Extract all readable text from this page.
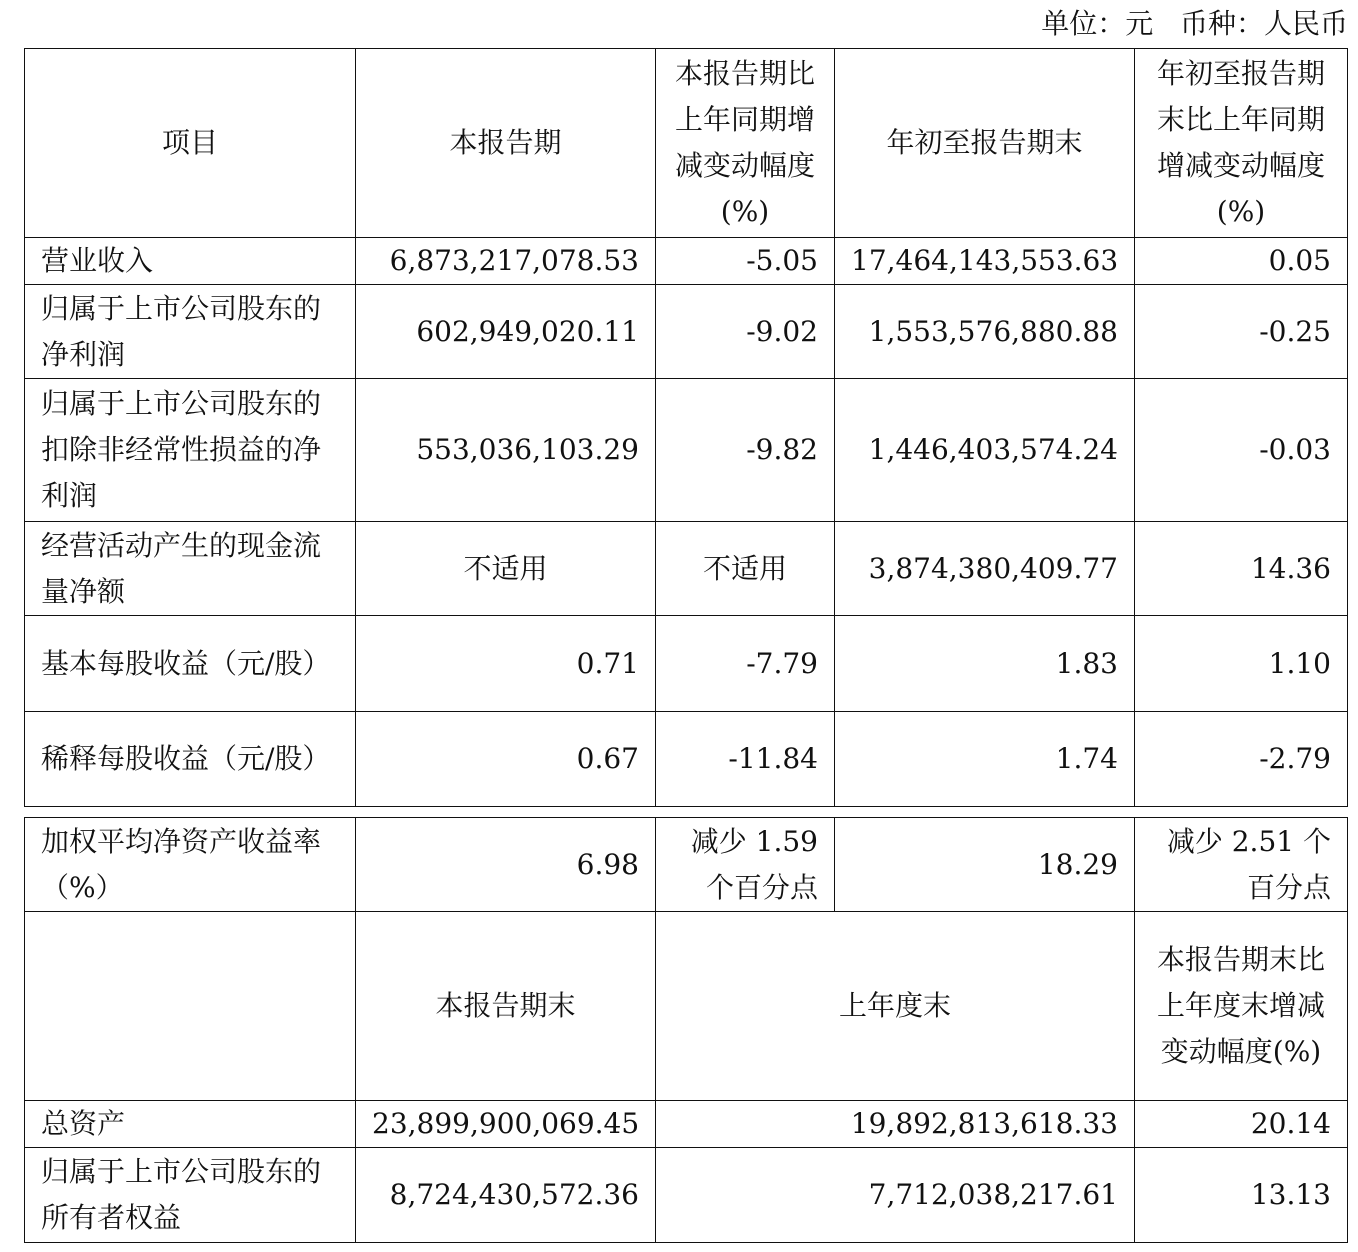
单位：元   币种：人民币
项目	本报告期	本报告期比上年同期增减变动幅度(%)	年初至报告期末	年初至报告期末比上年同期增减变动幅度(%)
营业收入	6,873,217,078.53	-5.05	17,464,143,553.63	0.05
归属于上市公司股东的净利润	602,949,020.11	-9.02	1,553,576,880.88	-0.25
归属于上市公司股东的扣除非经常性损益的净利润	553,036,103.29	-9.82	1,446,403,574.24	-0.03
经营活动产生的现金流量净额	不适用	不适用	3,874,380,409.77	14.36
基本每股收益（元/股）	0.71	-7.79	1.83	1.10
稀释每股收益（元/股）	0.67	-11.84	1.74	-2.79
加权平均净资产收益率（%）	6.98	减少 1.59 个百分点	18.29	减少 2.51 个百分点
	本报告期末	上年度末		本报告期末比上年度末增减变动幅度(%)
总资产	23,899,900,069.45	19,892,813,618.33		20.14
归属于上市公司股东的所有者权益	8,724,430,572.36	7,712,038,217.61		13.13
